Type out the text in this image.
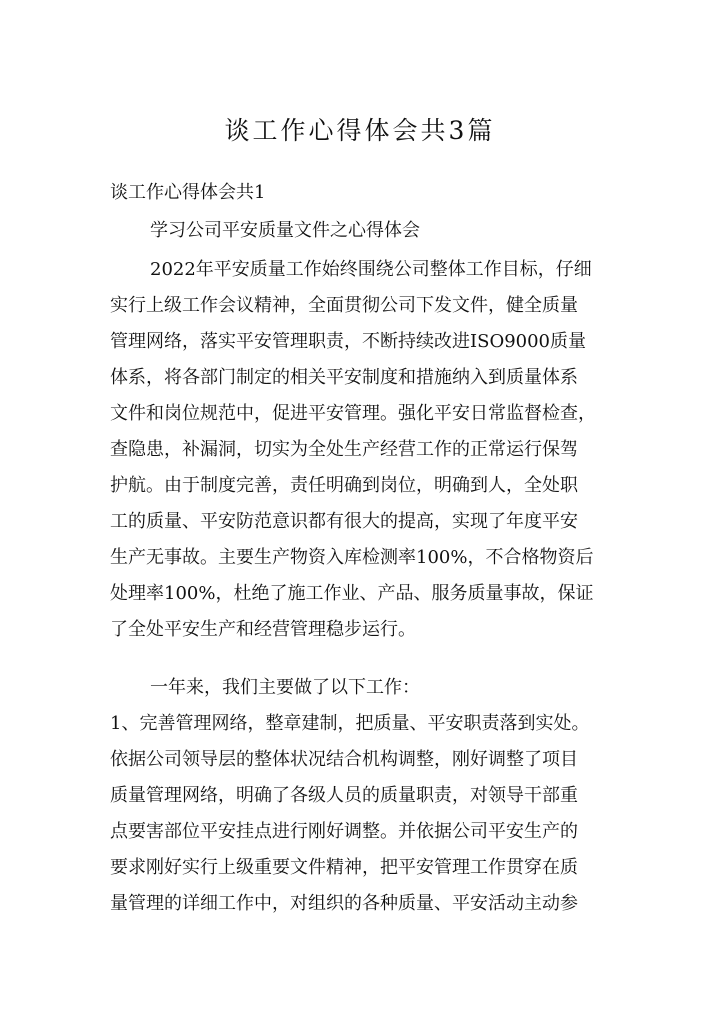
谈工作心得体会共3篇

谈工作心得体会共1

学习公司平安质量文件之心得体会

2022年平安质量工作始终围绕公司整体工作目标，仔细
实行上级工作会议精神，全面贯彻公司下发文件，健全质量
管理网络，落实平安管理职责，不断持续改进ISO9000质量
体系，将各部门制定的相关平安制度和措施纳入到质量体系
文件和岗位规范中，促进平安管理。强化平安日常监督检查，
查隐患，补漏洞，切实为全处生产经营工作的正常运行保驾
护航。由于制度完善，责任明确到岗位，明确到人，全处职
工的质量、平安防范意识都有很大的提高，实现了年度平安
生产无事故。主要生产物资入库检测率100%，不合格物资后
处理率100%，杜绝了施工作业、产品、服务质量事故，保证
了全处平安生产和经营管理稳步运行。
一年来，我们主要做了以下工作：
1、完善管理网络，整章建制，把质量、平安职责落到实处。
依据公司领导层的整体状况结合机构调整，刚好调整了项目
质量管理网络，明确了各级人员的质量职责，对领导干部重
点要害部位平安挂点进行刚好调整。并依据公司平安生产的
要求刚好实行上级重要文件精神，把平安管理工作贯穿在质
量管理的详细工作中，对组织的各种质量、平安活动主动参
